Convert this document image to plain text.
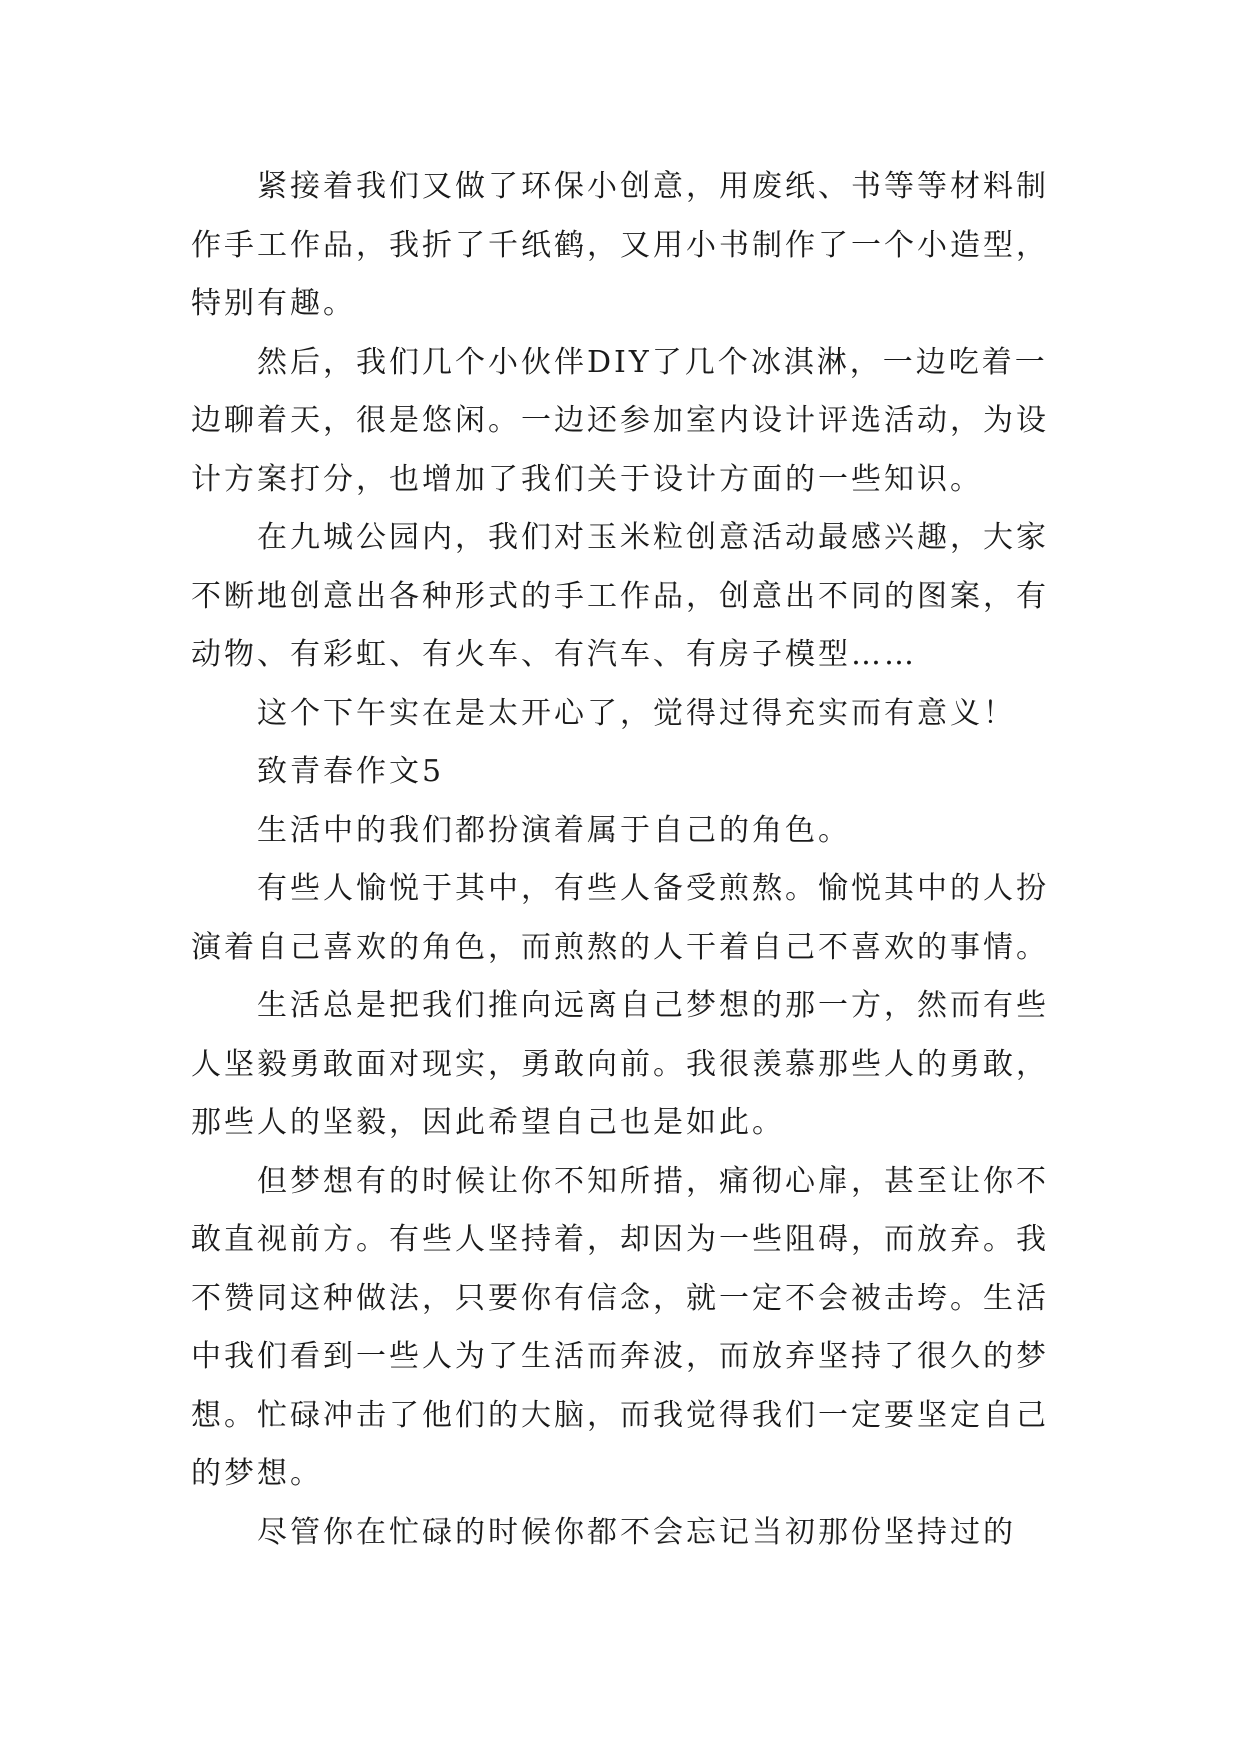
紧接着我们又做了环保小创意，用废纸、书等等材料制
作手工作品，我折了千纸鹤，又用小书制作了一个小造型，
特别有趣。
然后，我们几个小伙伴DIY了几个冰淇淋，一边吃着一
边聊着天，很是悠闲。一边还参加室内设计评选活动，为设
计方案打分，也增加了我们关于设计方面的一些知识。
在九城公园内，我们对玉米粒创意活动最感兴趣，大家
不断地创意出各种形式的手工作品，创意出不同的图案，有
动物、有彩虹、有火车、有汽车、有房子模型……
这个下午实在是太开心了，觉得过得充实而有意义！
致青春作文5
生活中的我们都扮演着属于自己的角色。
有些人愉悦于其中，有些人备受煎熬。愉悦其中的人扮
演着自己喜欢的角色，而煎熬的人干着自己不喜欢的事情。
生活总是把我们推向远离自己梦想的那一方，然而有些
人坚毅勇敢面对现实，勇敢向前。我很羡慕那些人的勇敢，
那些人的坚毅，因此希望自己也是如此。
但梦想有的时候让你不知所措，痛彻心扉，甚至让你不
敢直视前方。有些人坚持着，却因为一些阻碍，而放弃。我
不赞同这种做法，只要你有信念，就一定不会被击垮。生活
中我们看到一些人为了生活而奔波，而放弃坚持了很久的梦
想。忙碌冲击了他们的大脑，而我觉得我们一定要坚定自己
的梦想。
尽管你在忙碌的时候你都不会忘记当初那份坚持过的
